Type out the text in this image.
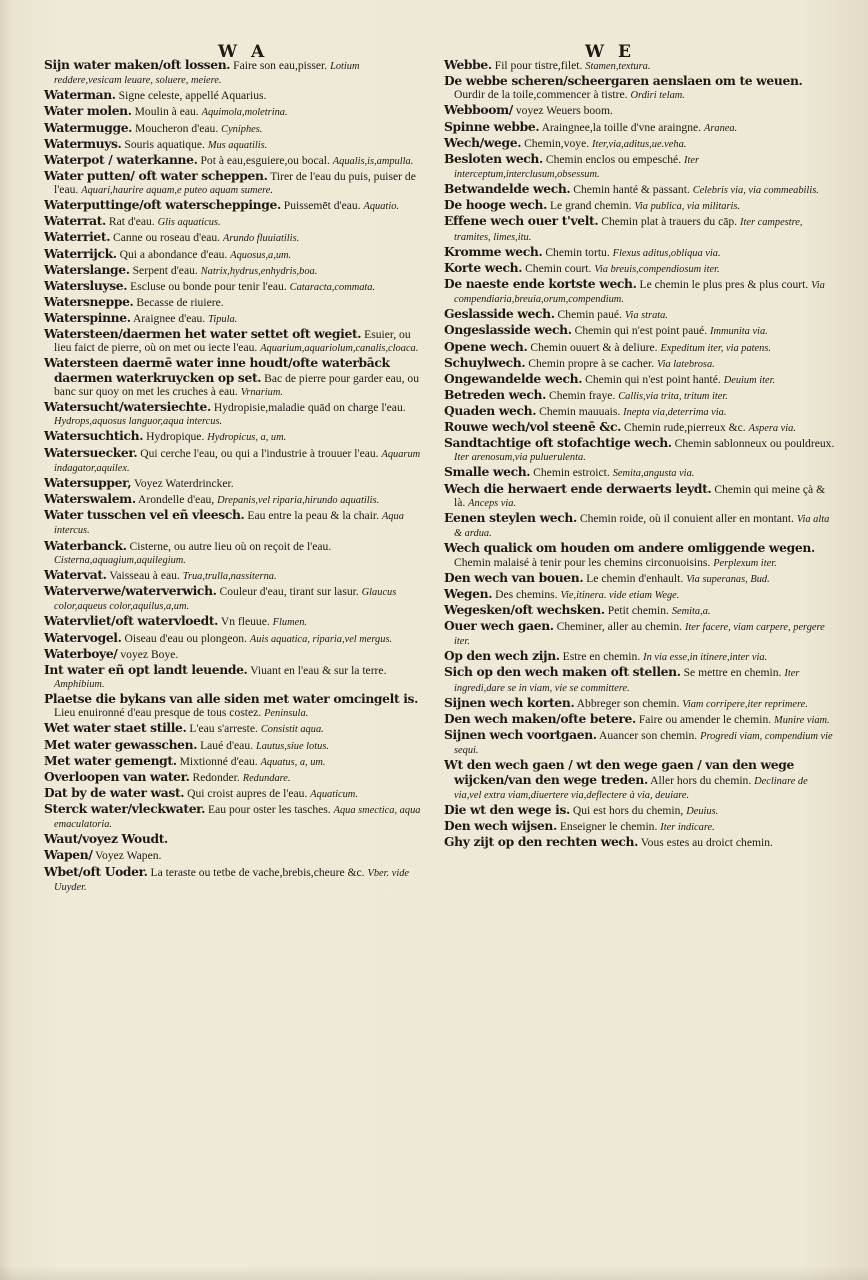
W A	W E
Sijn water maken/oft lossen. Faire son eau,pisser. Lotium reddere,vesicam leuare, soluere, meiere.
Waterman. Signe celeste, appellé Aquarius.
Water molen. Moulin à eau. Aquimola,moletrina.
Watermugge. Moucheron d'eau. Cyniphes.
Watermuys. Souris aquatique. Mus aquatilis.
Waterpot / waterkanne. Pot à eau,esguiere,ou bocal. Aqualis,is,ampulla.
Water putten/ oft water scheppen. Tirer de l'eau du puis, puiser de l'eau. Aquari,haurire aquam,e puteo aquam sumere.
Waterputtinge/oft waterscheppinge. Puissemēt d'eau. Aquatio.
Waterrat. Rat d'eau. Glis aquaticus.
Waterriet. Canne ou roseau d'eau. Arundo fluuiatilis.
Waterrijck. Qui a abondance d'eau. Aquosus,a,um.
Waterslange. Serpent d'eau. Natrix,hydrus,enhydris,boa.
Watersluyse. Escluse ou bonde pour tenir l'eau. Cataracta,commata.
Watersneppe. Becasse de riuiere.
Waterspinne. Araignee d'eau. Tipula.
Watersteen/daermen het water settet oft wegiet. Esuier, ou lieu faict de pierre, où on met ou iecte l'eau. Aquarium,aquariolum,canalis,cloaca.
Watersteen daermē water inne houdt/ofte waterbāck daermen waterkruycken op set. Bac de pierre pour garder eau, ou banc sur quoy on met les cruches à eau. Vrnarium.
Watersucht/watersiechte. Hydropisie,maladie quād on charge l'eau. Hydrops,aquosus languor,aqua intercus.
Watersuchtich. Hydropique. Hydropicus, a, um.
Watersuecker. Qui cerche l'eau, ou qui a l'industrie à trouuer l'eau. Aquarum indagator,aquilex.
Watersupper, Voyez Waterdrincker.
Waterswalem. Arondelle d'eau, Drepanis,vel riparia,hirundo aquatilis.
Water tusschen vel eñ vleesch. Eau entre la peau & la chair. Aqua intercus.
Waterbanck. Cisterne, ou autre lieu où on reçoit de l'eau. Cisterna,aquagium,aquilegium.
Watervat. Vaisseau à eau. Trua,trulla,nassiterna.
Waterverwe/waterverwich. Couleur d'eau, tirant sur lasur. Glaucus color,aqueus color,aquilus,a,um.
Watervliet/oft watervloedt. Vn fleuue. Flumen.
Watervogel. Oiseau d'eau ou plongeon. Auis aquatica, riparia,vel mergus.
Waterboye/ voyez Boye.
Int water eñ opt landt leuende. Viuant en l'eau & sur la terre. Amphibium.
Plaetse die bykans van alle siden met water omcingelt is. Lieu enuironné d'eau presque de tous costez. Peninsula.
Wet water staet stille. L'eau s'arreste. Consistit aqua.
Met water gewasschen. Laué d'eau. Lautus,siue lotus.
Met water gemengt. Mixtionné d'eau. Aquatus, a, um.
Overloopen van water. Redonder. Redundare.
Dat by de water wast. Qui croist aupres de l'eau. Aquaticum.
Sterck water/vleckwater. Eau pour oster les tasches. Aqua smectica, aqua emaculatoria.
Waut/voyez Woudt.
Wapen/ Voyez Wapen.
Wbet/oft Uoder. La teraste ou tetbe de vache,brebis,cheure &c. Vber. vide Uuyder.
Webbe. Fil pour tistre,filet. Stamen,textura.
De webbe scheren/scheergaren aenslaen om te weuen. Ourdir de la toile,commencer à tistre. Ordiri telam.
Webboom/ voyez Weuers boom.
Spinne webbe. Araingnee,la toille d'vne araingne. Aranea.
Wech/wege. Chemin,voye. Iter,via,aditus,ue.veha.
Besloten wech. Chemin enclos ou empesché. Iter interceptum,interclusum,obsessum.
Betwandelde wech. Chemin hanté & passant. Celebris via, via commeabilis.
De hooge wech. Le grand chemin. Via publica, via militaris.
Effene wech ouer t'velt. Chemin plat à trauers du cāp. Iter campestre, tramites, limes,itu.
Kromme wech. Chemin tortu. Flexus aditus,obliqua via.
Korte wech. Chemin court. Via breuis,compendiosum iter.
De naeste ende kortste wech. Le chemin le plus pres & plus court. Via compendiaria,breuia,orum,compendium.
Geslasside wech. Chemin paué. Via strata.
Ongeslasside wech. Chemin qui n'est point paué. Immunita via.
Opene wech. Chemin ouuert & à deliure. Expeditum iter, via patens.
Schuylwech. Chemin propre à se cacher. Via latebrosa.
Ongewandelde wech. Chemin qui n'est point hanté. Deuium iter.
Betreden wech. Chemin fraye. Callis,via trita, tritum iter.
Quaden wech. Chemin mauuais. Inepta via,deterrima via.
Rouwe wech/vol steenē &c. Chemin rude,pierreux &c. Aspera via.
Sandtachtige oft stofachtige wech. Chemin sablonneux ou pouldreux. Iter arenosum,via puluerulenta.
Smalle wech. Chemin estroict. Semita,angusta via.
Wech die herwaert ende derwaerts leydt. Chemin qui meine çà & là. Anceps via.
Eenen steylen wech. Chemin roide, où il conuient aller en montant. Via alta & ardua.
Wech qualick om houden om andere omliggende wegen. Chemin malaisé à tenir pour les chemins circonuoisins. Perplexum iter.
Den wech van bouen. Le chemin d'enhault. Via superanas, Bud.
Wegen. Des chemins. Vie,itinera. vide etiam Wege.
Wegesken/oft wechsken. Petit chemin. Semita,a.
Ouer wech gaen. Cheminer, aller au chemin. Iter facere, viam carpere, pergere iter.
Op den wech zijn. Estre en chemin. In via esse,in itinere,inter via.
Sich op den wech maken oft stellen. Se mettre en chemin. Iter ingredi,dare se in viam, vie se committere.
Sijnen wech korten. Abbreger son chemin. Viam corripere,iter reprimere.
Den wech maken/ofte betere. Faire ou amender le chemin. Munire viam.
Sijnen wech voortgaen. Auancer son chemin. Progredi viam, compendium vie sequi.
Wt den wech gaen / wt den wege gaen / van den wege wijcken/van den wege treden. Aller hors du chemin. Declinare de via,vel extra viam,diuertere via,deflectere à via, deuiare.
Die wt den wege is. Qui est hors du chemin, Deuius.
Den wech wijsen. Enseigner le chemin. Iter indicare.
Ghy zijt op den rechten wech. Vous estes au droict chemin.
